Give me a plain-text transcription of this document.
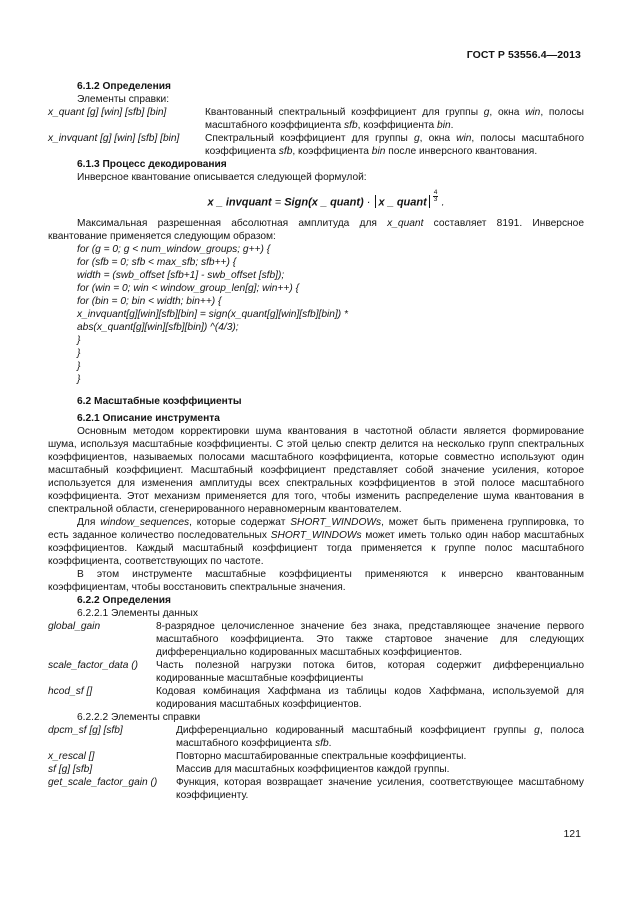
ГОСТ Р 53556.4—2013

6.1.2 Определения

Элементы справки:

x_quant [g] [win] [sfb] [bin]	Квантованный спектральный коэффициент для группы g, окна win, полосы масштабного коэффициента sfb, коэффициента bin.
x_invquant [g] [win] [sfb] [bin]	Спектральный коэффициент для группы g, окна win, полосы масштабного коэффициента sfb, коэффициента bin после инверсного квантования.

6.1.3 Процесс декодирования

Инверсное квантование описывается следующей формулой:

x _ invquant = Sign(x _ quant) · x _ quant $\frac{4}{3}$ .

Максимальная разрешенная абсолютная амплитуда для x_quant составляет 8191. Инверсное квантование применяется следующим образом:

for (g = 0; g < num_window_groups; g++) {

for (sfb = 0; sfb < max_sfb; sfb++) {

width = (swb_offset [sfb+1] - swb_offset [sfb]);

for (win = 0; win < window_group_len[g]; win++) {

for (bin = 0; bin < width; bin++) {

x_invquant[g][win][sfb][bin] = sign(x_quant[g][win][sfb][bin]) *

abs(x_quant[g][win][sfb][bin]) ^(4/3);

}

}

}

}

6.2 Масштабные коэффициенты

6.2.1 Описание инструмента

Основным методом корректировки шума квантования в частотной области является формирование шума, используя масштабные коэффициенты. С этой целью спектр делится на несколько групп спектральных коэффициентов, называемых полосами масштабного коэффициента, которые совместно используют один масштабный коэффициент. Масштабный коэффициент представляет собой значение усиления, которое используется для изменения амплитуды всех спектральных коэффициентов в этой полосе масштабного коэффициента. Этот механизм применяется для того, чтобы изменить распределение шума квантования в спектральной области, сгенерированного неравномерным квантователем.

Для window_sequences, которые содержат SHORT_WINDOWs, может быть применена группировка, то есть заданное количество последовательных SHORT_WINDOWs может иметь только один набор масштабных коэффициентов. Каждый масштабный коэффициент тогда применяется к группе полос масштабного коэффициента, соответствующих по частоте.

В этом инструменте масштабные коэффициенты применяются к инверсно квантованным коэффициентам, чтобы восстановить спектральные значения.

6.2.2 Определения

6.2.2.1 Элементы данных

global_gain	8-разрядное целочисленное значение без знака, представляющее значение первого масштабного коэффициента. Это также стартовое значение для следующих дифференциально кодированных масштабных коэффициентов.
scale_factor_data ()	Часть полезной нагрузки потока битов, которая содержит дифференциально кодированные масштабные коэффициенты
hcod_sf []	Кодовая комбинация Хаффмана из таблицы кодов Хаффмана, используемой для кодирования масштабных коэффициентов.

6.2.2.2 Элементы справки

dpcm_sf [g] [sfb]	Дифференциально кодированный масштабный коэффициент группы g, полоса масштабного коэффициента sfb.
x_rescal []	Повторно масштабированные спектральные коэффициенты.
sf [g] [sfb]	Массив для масштабных коэффициентов каждой группы.
get_scale_factor_gain ()	Функция, которая возвращает значение усиления, соответствующее масштабному коэффициенту.
121
